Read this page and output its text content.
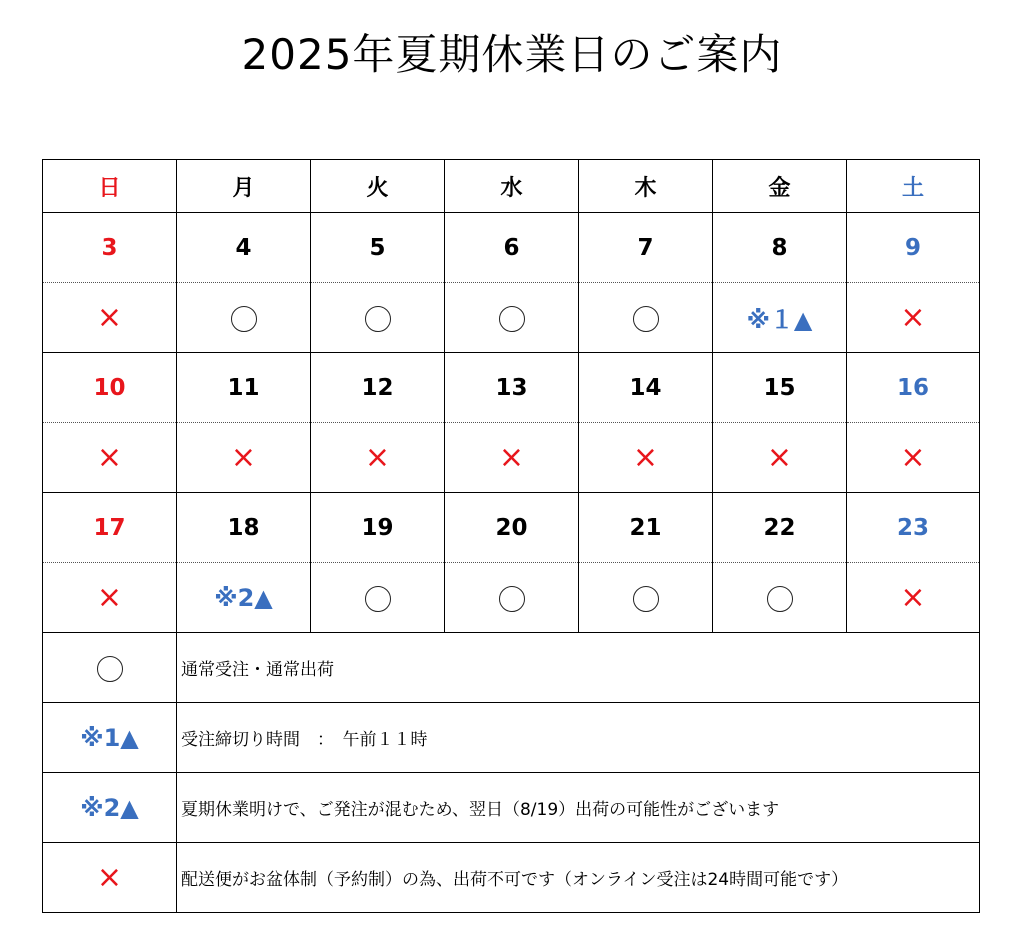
2025年夏期休業日のご案内
日	月	火	水	木	金	土
3	4	5	6	7	8	9
×					※１▲	×
10	11	12	13	14	15	16
×	×	×	×	×	×	×
17	18	19	20	21	22	23
×	※2▲					×
	通常受注・通常出荷					
※1▲	受注締切り時間　：　午前１１時					
※2▲	夏期休業明けで、ご発注が混むため、翌日（8/19）出荷の可能性がございます					
×	配送便がお盆体制（予約制）の為、出荷不可です（オンライン受注は24時間可能です）					
